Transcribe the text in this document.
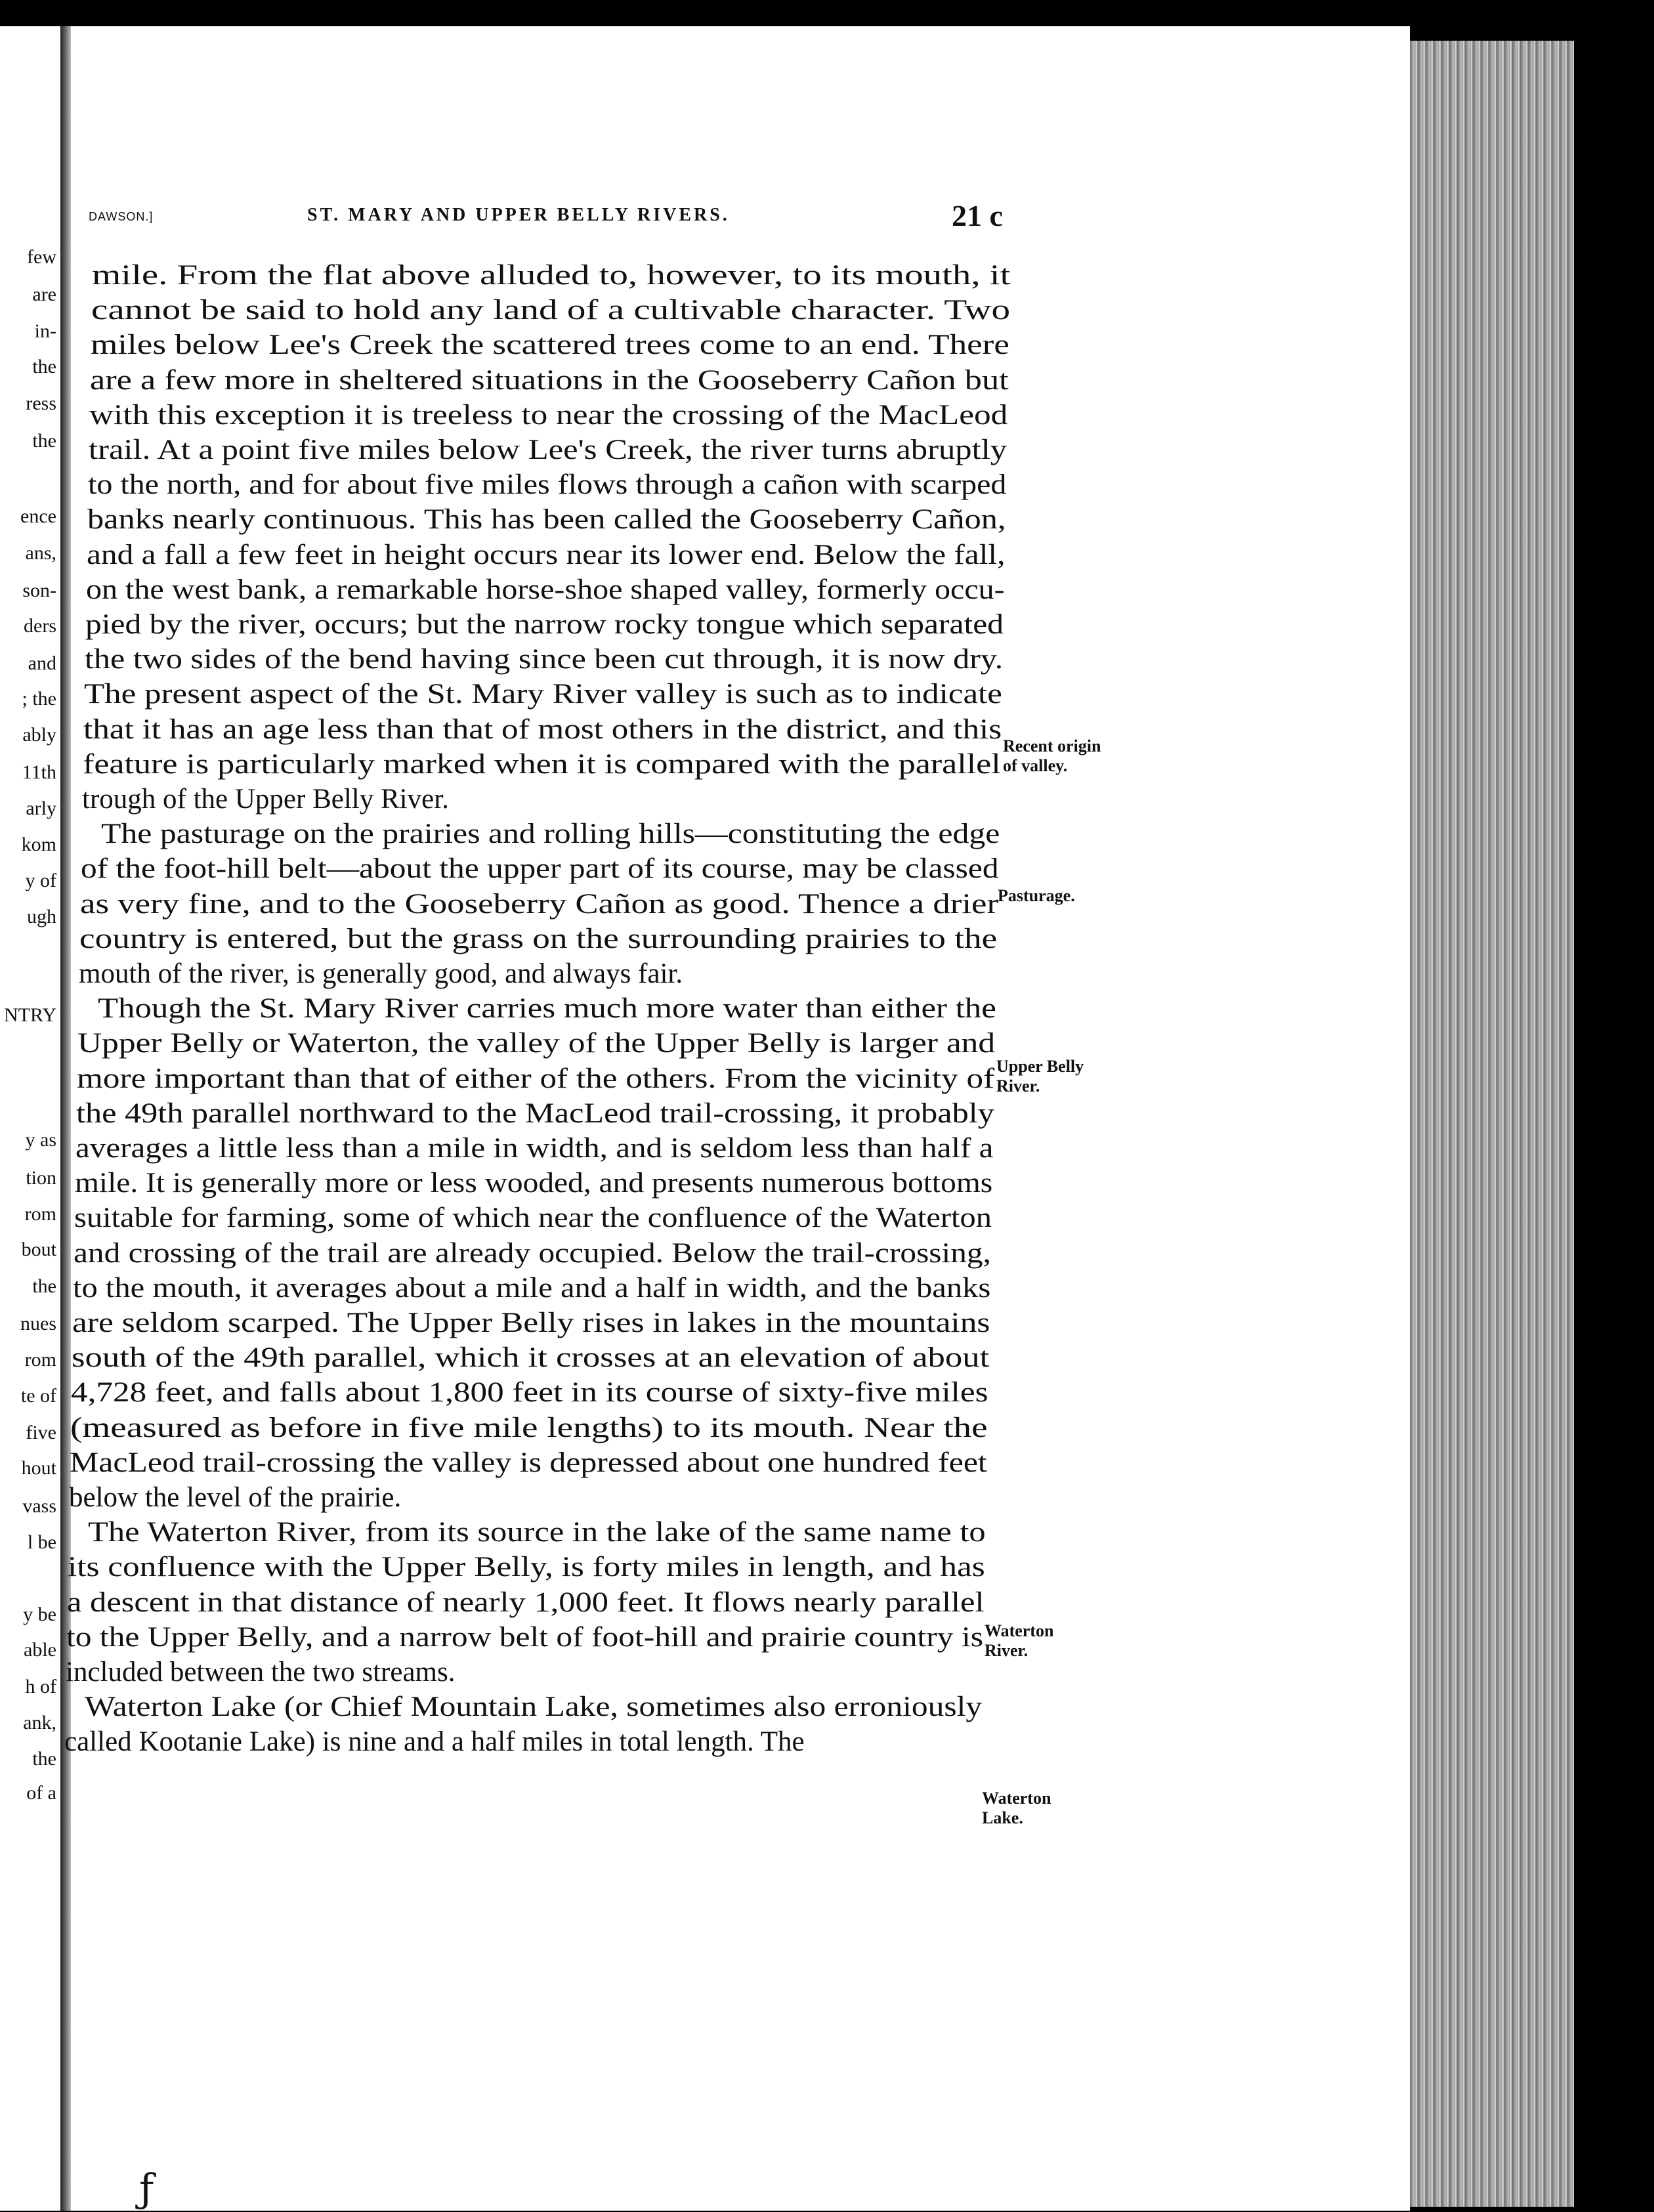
few
are
in-
the
ress
the
ence
ans,
son-
ders
and
; the
ably
11th
arly
kom
y of
ugh
NTRY
y as
tion
rom
bout
the
nues
rom
te of
five
hout
vass
l be
y be
able
h of
ank,
the
of a
DAWSON.]	ST. MARY AND UPPER BELLY RIVERS.	21 c
mile. From the flat above alluded to, however, to its mouth, it
cannot be said to hold any land of a cultivable character. Two
miles below Lee's Creek the scattered trees come to an end. There
are a few more in sheltered situations in the Gooseberry Cañon but
with this exception it is treeless to near the crossing of the MacLeod
trail. At a point five miles below Lee's Creek, the river turns abruptly
to the north, and for about five miles flows through a cañon with scarped
banks nearly continuous. This has been called the Gooseberry Cañon,
and a fall a few feet in height occurs near its lower end. Below the fall,
on the west bank, a remarkable horse-shoe shaped valley, formerly occu-
pied by the river, occurs; but the narrow rocky tongue which separated
the two sides of the bend having since been cut through, it is now dry.
The present aspect of the St. Mary River valley is such as to indicate
that it has an age less than that of most others in the district, and this
feature is particularly marked when it is compared with the parallel
trough of the Upper Belly River.
The pasturage on the prairies and rolling hills—constituting the edge
of the foot-hill belt—about the upper part of its course, may be classed
as very fine, and to the Gooseberry Cañon as good. Thence a drier
country is entered, but the grass on the surrounding prairies to the
mouth of the river, is generally good, and always fair.
Though the St. Mary River carries much more water than either the
Upper Belly or Waterton, the valley of the Upper Belly is larger and
more important than that of either of the others. From the vicinity of
the 49th parallel northward to the MacLeod trail-crossing, it probably
averages a little less than a mile in width, and is seldom less than half a
mile. It is generally more or less wooded, and presents numerous bottoms
suitable for farming, some of which near the confluence of the Waterton
and crossing of the trail are already occupied. Below the trail-crossing,
to the mouth, it averages about a mile and a half in width, and the banks
are seldom scarped. The Upper Belly rises in lakes in the mountains
south of the 49th parallel, which it crosses at an elevation of about
4,728 feet, and falls about 1,800 feet in its course of sixty-five miles
(measured as before in five mile lengths) to its mouth. Near the
MacLeod trail-crossing the valley is depressed about one hundred feet
below the level of the prairie.
The Waterton River, from its source in the lake of the same name to
its confluence with the Upper Belly, is forty miles in length, and has
a descent in that distance of nearly 1,000 feet. It flows nearly parallel
to the Upper Belly, and a narrow belt of foot-hill and prairie country is
included between the two streams.
Waterton Lake (or Chief Mountain Lake, sometimes also erroniously
called Kootanie Lake) is nine and a half miles in total length. The
Recent origin
of valley.
Pasturage.
Upper Belly
River.
Waterton
River.
Waterton
Lake.
ƒ
